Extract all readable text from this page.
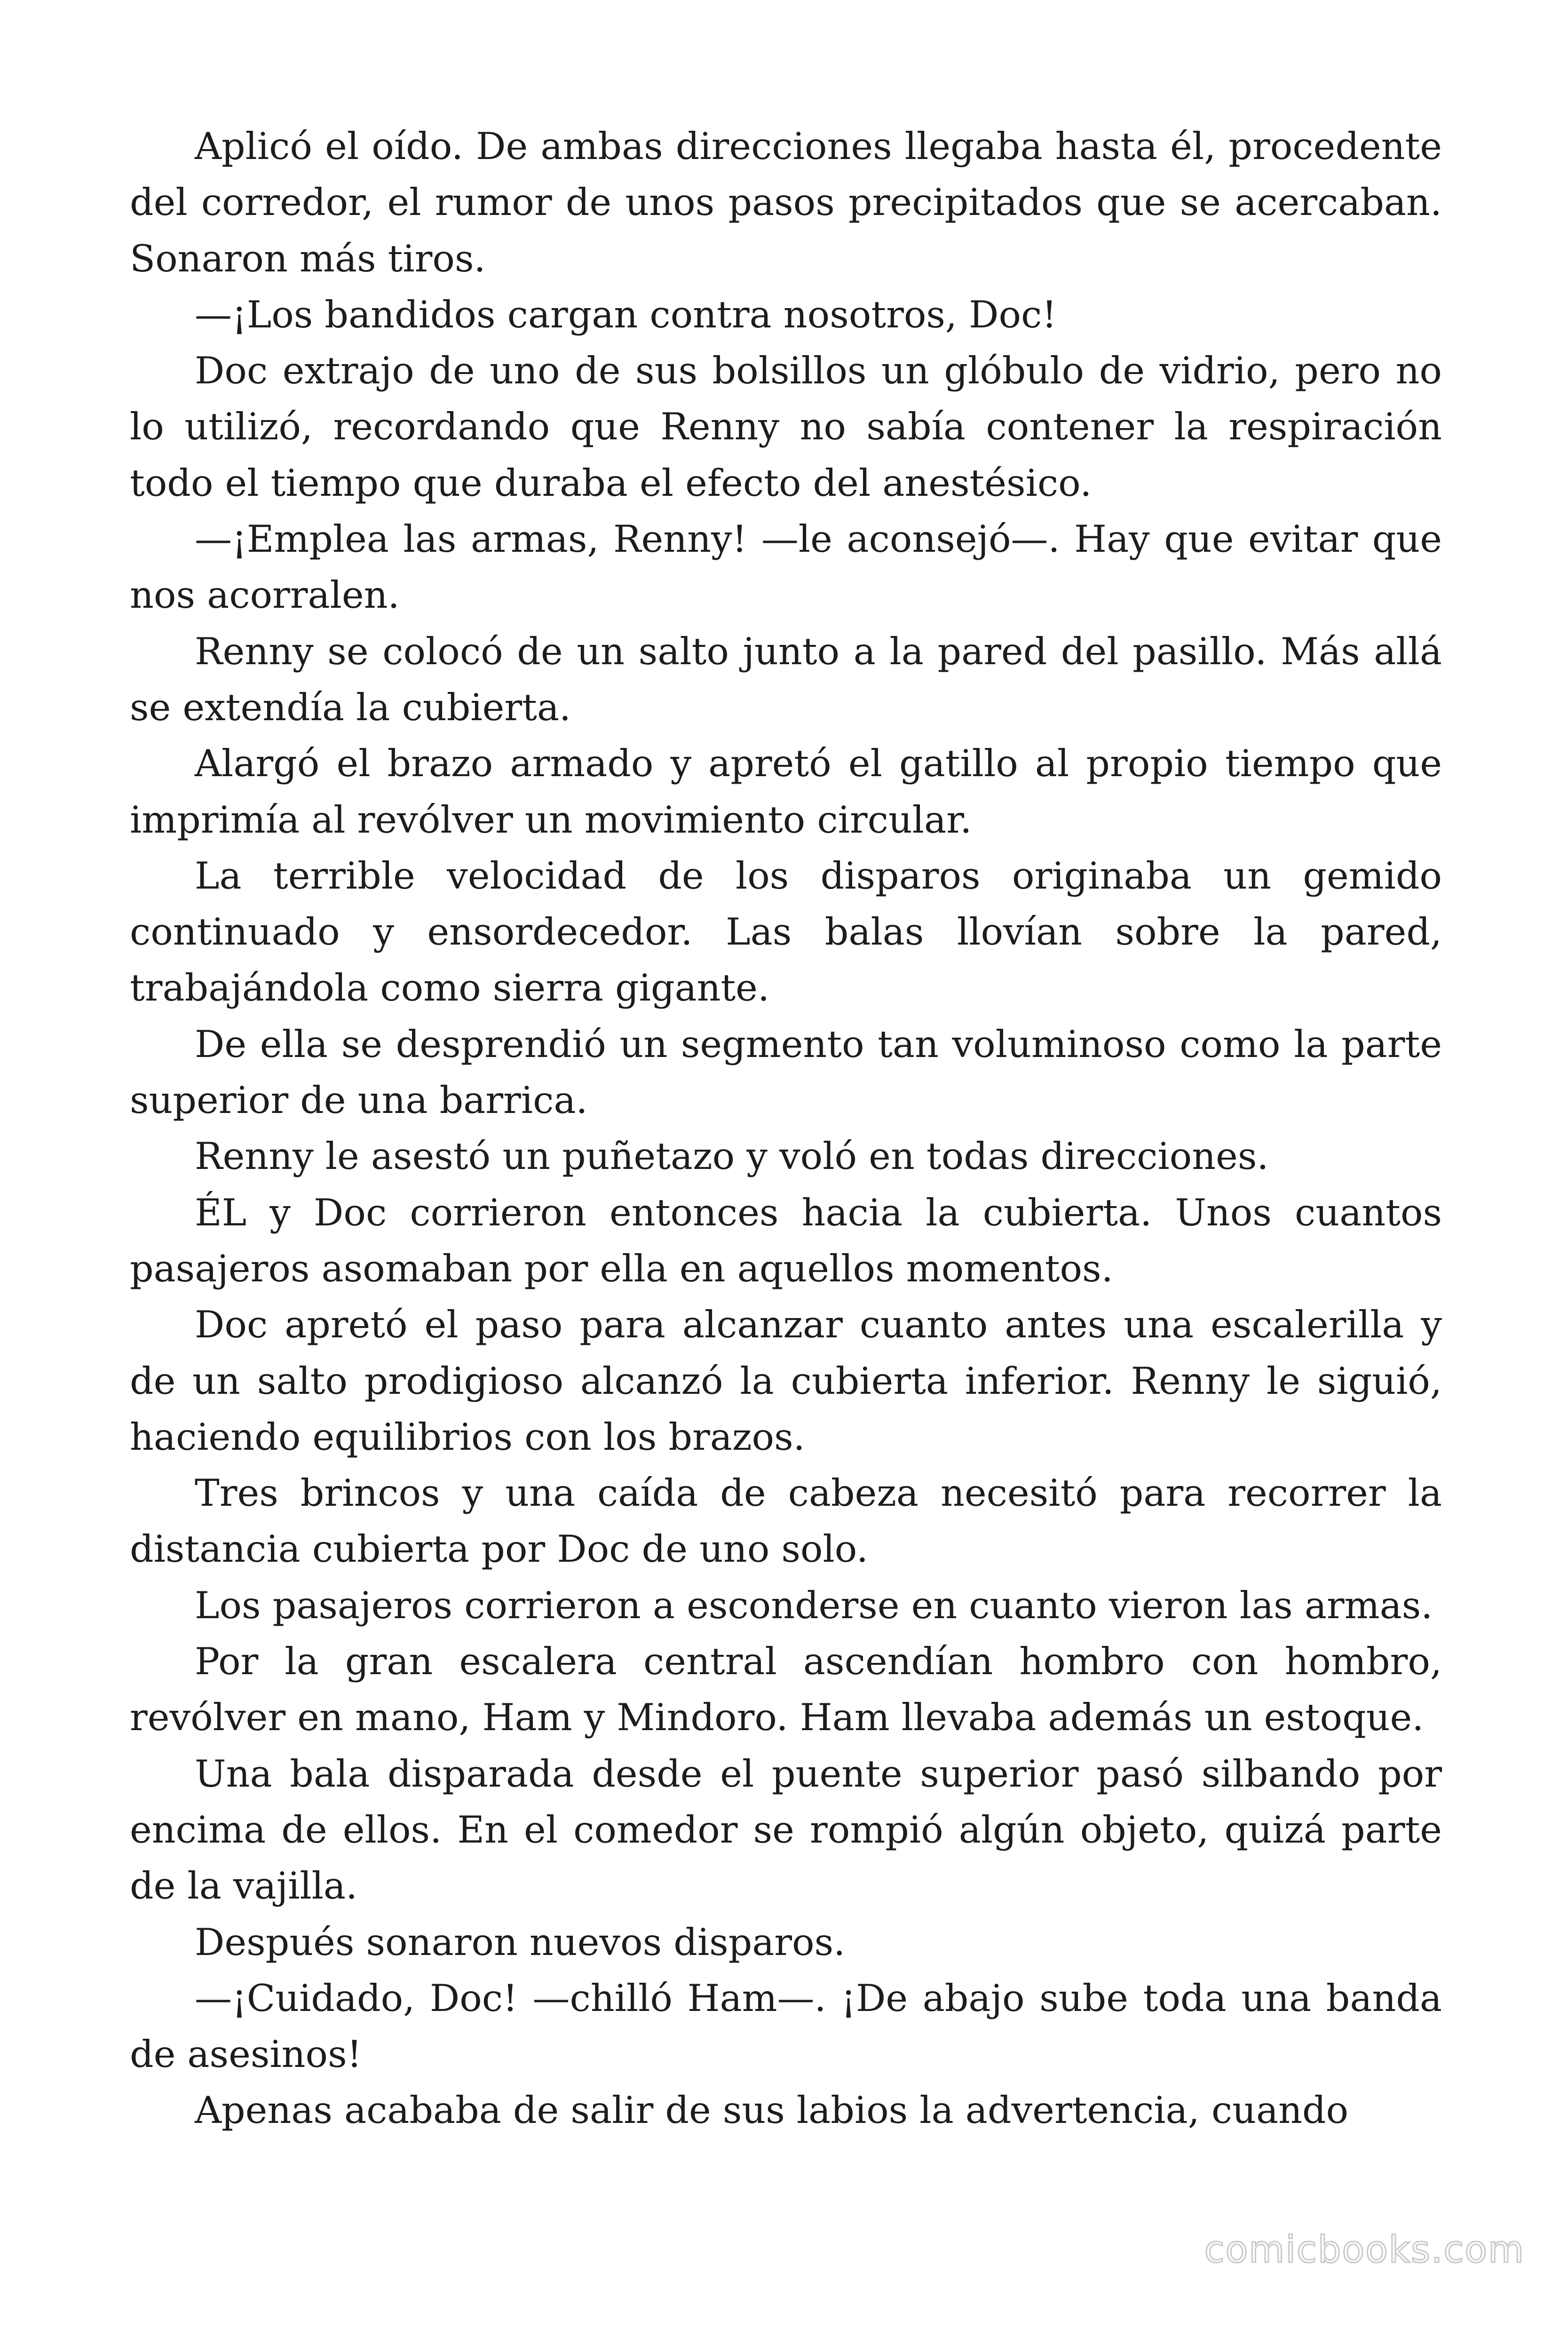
Aplicó el oído. De ambas direcciones llegaba hasta él, procedente del corredor, el rumor de unos pasos precipitados que se acercaban. Sonaron más tiros.

—¡Los bandidos cargan contra nosotros, Doc!

Doc extrajo de uno de sus bolsillos un glóbulo de vidrio, pero no lo utilizó, recordando que Renny no sabía contener la respiración todo el tiempo que duraba el efecto del anestésico.

—¡Emplea las armas, Renny! —le aconsejó—. Hay que evitar que nos acorralen.

Renny se colocó de un salto junto a la pared del pasillo. Más allá se extendía la cubierta.

Alargó el brazo armado y apretó el gatillo al propio tiempo que imprimía al revólver un movimiento circular.

La terrible velocidad de los disparos originaba un gemido continuado y ensordecedor. Las balas llovían sobre la pared, trabajándola como sierra gigante.

De ella se desprendió un segmento tan voluminoso como la parte superior de una barrica.

Renny le asestó un puñetazo y voló en todas direcciones.

ÉL y Doc corrieron entonces hacia la cubierta. Unos cuantos pasajeros asomaban por ella en aquellos momentos.

Doc apretó el paso para alcanzar cuanto antes una escalerilla y de un salto prodigioso alcanzó la cubierta inferior. Renny le siguió, haciendo equilibrios con los brazos.

Tres brincos y una caída de cabeza necesitó para recorrer la distancia cubierta por Doc de uno solo.

Los pasajeros corrieron a esconderse en cuanto vieron las armas.

Por la gran escalera central ascendían hombro con hombro, revólver en mano, Ham y Mindoro. Ham llevaba además un estoque.

Una bala disparada desde el puente superior pasó silbando por encima de ellos. En el comedor se rompió algún objeto, quizá parte de la vajilla.

Después sonaron nuevos disparos.

—¡Cuidado, Doc! —chilló Ham—. ¡De abajo sube toda una banda de asesinos!

Apenas acababa de salir de sus labios la advertencia, cuando

comicbooks.com
